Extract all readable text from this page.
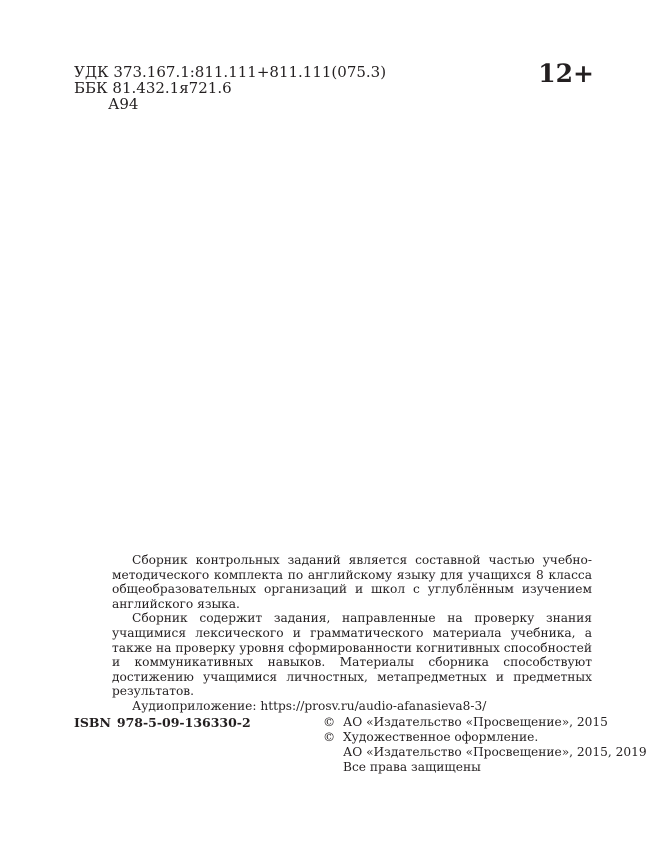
УДК 373.167.1:811.111+811.111(075.3)
ББК 81.432.1я721.6
А94
12+

Сборник контрольных заданий является составной частью учебно-методического комплекта по английскому языку для учащихся 8 класса общеобразовательных организаций и школ с углублённым изучением английского языка.

Сборник содержит задания, направленные на проверку знания учащимися лексического и грамматического материала учебника, а также на проверку уровня сформированности когнитивных способностей и коммуникативных навыков. Материалы сборника способствуют достижению учащимися личностных, метапредметных и предметных результатов.

Аудиоприложение: https://prosv.ru/audio-afanasieva8-3/

ISBN 978-5-09-136330-2	© АО «Издательство «Просвещение», 2015
© Художественное оформление.
АО «Издательство «Просвещение», 2015, 2019
Все права защищены
